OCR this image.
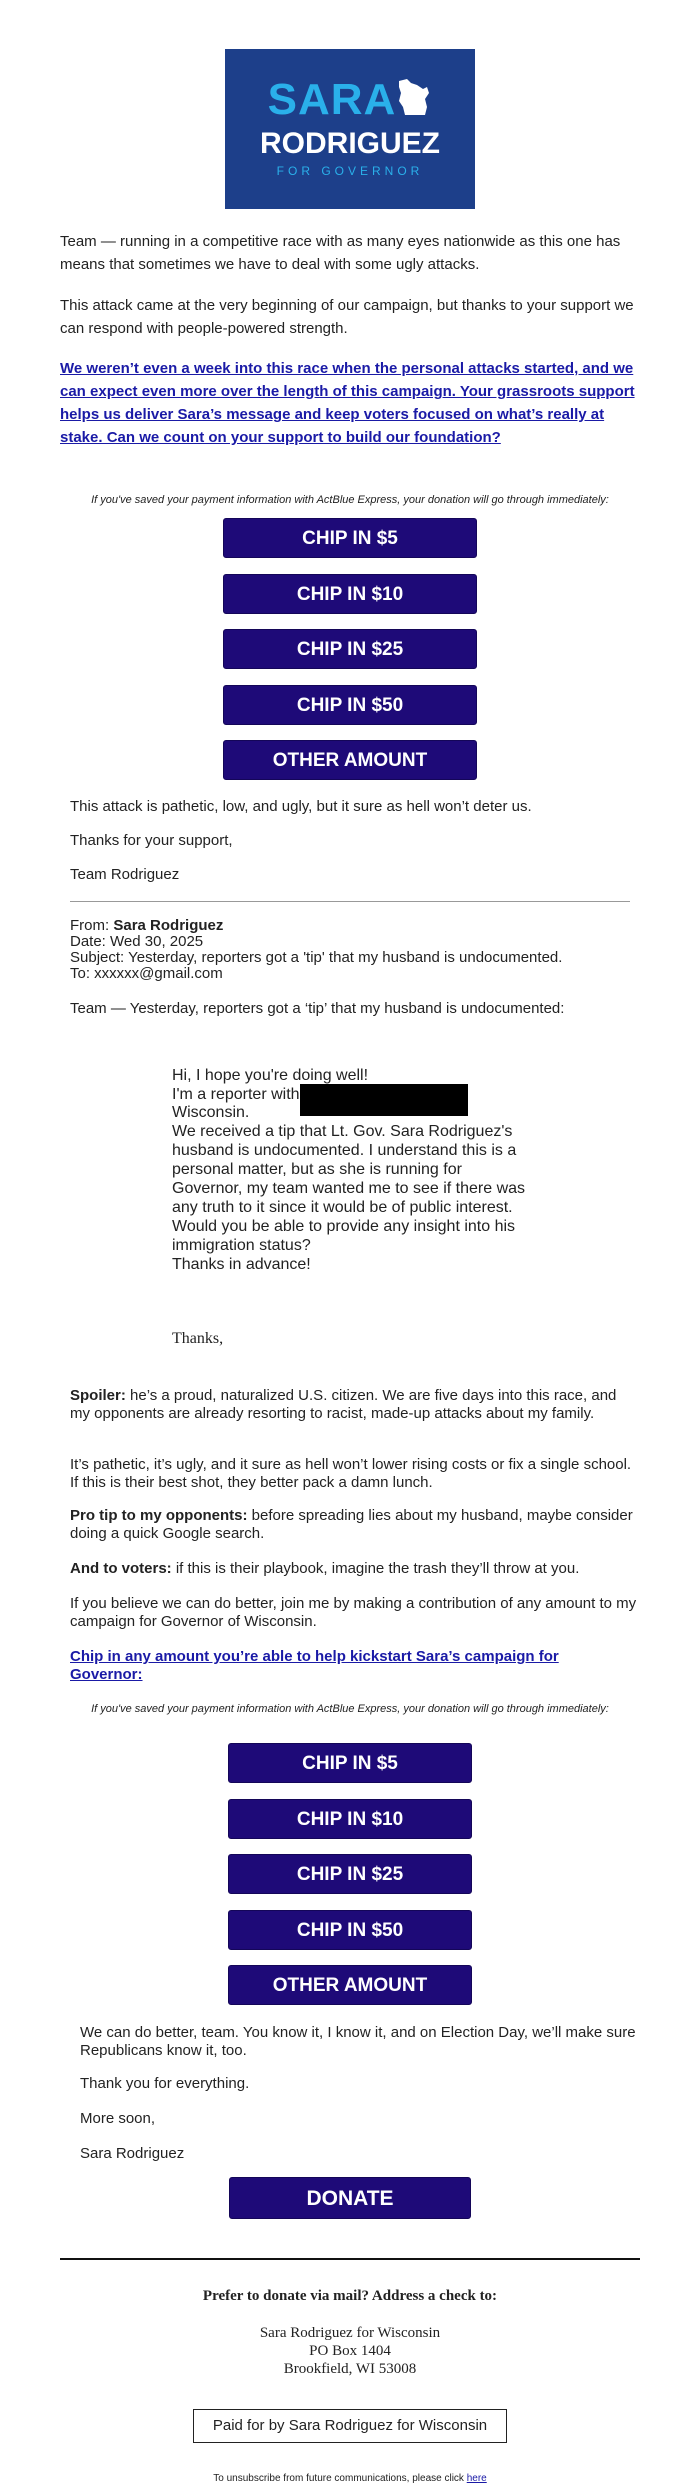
SARA
RODRIGUEZ
FOR GOVERNOR

Team — running in a competitive race with as many eyes nationwide as this one has means that sometimes we have to deal with some ugly attacks.

This attack came at the very beginning of our campaign, but thanks to your support we can respond with people-powered strength.

We weren’t even a week into this race when the personal attacks started, and we can expect even more over the length of this campaign. Your grassroots support helps us deliver Sara’s message and keep voters focused on what’s really at stake. Can we count on your support to build our foundation?
If you've saved your payment information with ActBlue Express, your donation will go through immediately:
CHIP IN $5
CHIP IN $10
CHIP IN $25
CHIP IN $50
OTHER AMOUNT

This attack is pathetic, low, and ugly, but it sure as hell won’t deter us.

Thanks for your support,

Team Rodriguez

From: Sara Rodriguez
Date: Wed 30, 2025
Subject: Yesterday, reporters got a 'tip' that my husband is undocumented.
To: xxxxxx@gmail.com

Team — Yesterday, reporters got a ‘tip’ that my husband is undocumented:

Hi, I hope you're doing well!
I'm a reporter with
Wisconsin.
We received a tip that Lt. Gov. Sara Rodriguez's husband is undocumented. I understand this is a personal matter, but as she is running for Governor, my team wanted me to see if there was any truth to it since it would be of public interest. Would you be able to provide any insight into his immigration status?
Thanks in advance!
Thanks,

Spoiler: he’s a proud, naturalized U.S. citizen. We are five days into this race, and my opponents are already resorting to racist, made-up attacks about my family.

It’s pathetic, it’s ugly, and it sure as hell won’t lower rising costs or fix a single school. If this is their best shot, they better pack a damn lunch.

Pro tip to my opponents: before spreading lies about my husband, maybe consider doing a quick Google search.

And to voters: if this is their playbook, imagine the trash they’ll throw at you.

If you believe we can do better, join me by making a contribution of any amount to my campaign for Governor of Wisconsin.

Chip in any amount you’re able to help kickstart Sara’s campaign for Governor:
If you've saved your payment information with ActBlue Express, your donation will go through immediately:
CHIP IN $5
CHIP IN $10
CHIP IN $25
CHIP IN $50
OTHER AMOUNT

We can do better, team. You know it, I know it, and on Election Day, we’ll make sure Republicans know it, too.

Thank you for everything.

More soon,

Sara Rodriguez

DONATE
Prefer to donate via mail? Address a check to:
Sara Rodriguez for Wisconsin
PO Box 1404
Brookfield, WI 53008
Paid for by Sara Rodriguez for Wisconsin
To unsubscribe from future communications, please click here
